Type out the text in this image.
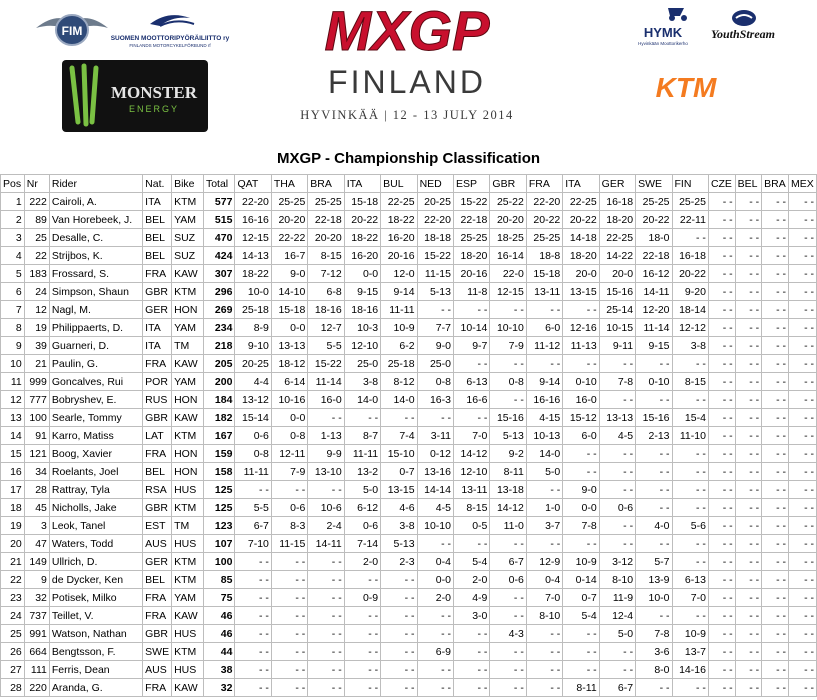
FIM
SUOMEN MOOTTORIPYÖRÄILIITTO ry
FINLANDS MOTORCYKELFÖRBUND rf
MONSTER
ENERGY
MXGP
FINLAND
HYVINKÄÄ | 12 - 13 JULY 2014
HYMK
Hyvinkään Moottorikerho
YouthStream
KTM
MXGP - Championship Classification
Pos	Nr	Rider	Nat.	Bike	Total	QAT	THA	BRA	ITA	BUL	NED	ESP	GBR	FRA	ITA	GER	SWE	FIN	CZE	BEL	BRA	MEX
1	222	Cairoli, A.	ITA	KTM	577	22-20	25-25	25-25	15-18	22-25	20-25	15-22	25-22	22-20	22-25	16-18	25-25	25-25	- -	- -	- -	- -
2	89	Van Horebeek, J.	BEL	YAM	515	16-16	20-20	22-18	20-22	18-22	22-20	22-18	20-20	20-22	20-22	18-20	20-22	22-11	- -	- -	- -	- -
3	25	Desalle, C.	BEL	SUZ	470	12-15	22-22	20-20	18-22	16-20	18-18	25-25	18-25	25-25	14-18	22-25	18-0	- -	- -	- -	- -	- -
4	22	Strijbos, K.	BEL	SUZ	424	14-13	16-7	8-15	16-20	20-16	15-22	18-20	16-14	18-8	18-20	14-22	22-18	16-18	- -	- -	- -	- -
5	183	Frossard, S.	FRA	KAW	307	18-22	9-0	7-12	0-0	12-0	11-15	20-16	22-0	15-18	20-0	20-0	16-12	20-22	- -	- -	- -	- -
6	24	Simpson, Shaun	GBR	KTM	296	10-0	14-10	6-8	9-15	9-14	5-13	11-8	12-15	13-11	13-15	15-16	14-11	9-20	- -	- -	- -	- -
7	12	Nagl, M.	GER	HON	269	25-18	15-18	18-16	18-16	11-11	- -	- -	- -	- -	- -	25-14	12-20	18-14	- -	- -	- -	- -
8	19	Philippaerts, D.	ITA	YAM	234	8-9	0-0	12-7	10-3	10-9	7-7	10-14	10-10	6-0	12-16	10-15	11-14	12-12	- -	- -	- -	- -
9	39	Guarneri, D.	ITA	TM	218	9-10	13-13	5-5	12-10	6-2	9-0	9-7	7-9	11-12	11-13	9-11	9-15	3-8	- -	- -	- -	- -
10	21	Paulin, G.	FRA	KAW	205	20-25	18-12	15-22	25-0	25-18	25-0	- -	- -	- -	- -	- -	- -	- -	- -	- -	- -	- -
11	999	Goncalves, Rui	POR	YAM	200	4-4	6-14	11-14	3-8	8-12	0-8	6-13	0-8	9-14	0-10	7-8	0-10	8-15	- -	- -	- -	- -
12	777	Bobryshev, E.	RUS	HON	184	13-12	10-16	16-0	14-0	14-0	16-3	16-6	- -	16-16	16-0	- -	- -	- -	- -	- -	- -	- -
13	100	Searle, Tommy	GBR	KAW	182	15-14	0-0	- -	- -	- -	- -	- -	15-16	4-15	15-12	13-13	15-16	15-4	- -	- -	- -	- -
14	91	Karro, Matiss	LAT	KTM	167	0-6	0-8	1-13	8-7	7-4	3-11	7-0	5-13	10-13	6-0	4-5	2-13	11-10	- -	- -	- -	- -
15	121	Boog, Xavier	FRA	HON	159	0-8	12-11	9-9	11-11	15-10	0-12	14-12	9-2	14-0	- -	- -	- -	- -	- -	- -	- -	- -
16	34	Roelants, Joel	BEL	HON	158	11-11	7-9	13-10	13-2	0-7	13-16	12-10	8-11	5-0	- -	- -	- -	- -	- -	- -	- -	- -
17	28	Rattray, Tyla	RSA	HUS	125	- -	- -	- -	5-0	13-15	14-14	13-11	13-18	- -	9-0	- -	- -	- -	- -	- -	- -	- -
18	45	Nicholls, Jake	GBR	KTM	125	5-5	0-6	10-6	6-12	4-6	4-5	8-15	14-12	1-0	0-0	0-6	- -	- -	- -	- -	- -	- -
19	3	Leok, Tanel	EST	TM	123	6-7	8-3	2-4	0-6	3-8	10-10	0-5	11-0	3-7	7-8	- -	4-0	5-6	- -	- -	- -	- -
20	47	Waters, Todd	AUS	HUS	107	7-10	11-15	14-11	7-14	5-13	- -	- -	- -	- -	- -	- -	- -	- -	- -	- -	- -	- -
21	149	Ullrich, D.	GER	KTM	100	- -	- -	- -	2-0	2-3	0-4	5-4	6-7	12-9	10-9	3-12	5-7	- -	- -	- -	- -	- -
22	9	de Dycker, Ken	BEL	KTM	85	- -	- -	- -	- -	- -	0-0	2-0	0-6	0-4	0-14	8-10	13-9	6-13	- -	- -	- -	- -
23	32	Potisek, Milko	FRA	YAM	75	- -	- -	- -	0-9	- -	2-0	4-9	- -	7-0	0-7	11-9	10-0	7-0	- -	- -	- -	- -
24	737	Teillet, V.	FRA	KAW	46	- -	- -	- -	- -	- -	- -	3-0	- -	8-10	5-4	12-4	- -	- -	- -	- -	- -	- -
25	991	Watson, Nathan	GBR	HUS	46	- -	- -	- -	- -	- -	- -	- -	4-3	- -	- -	5-0	7-8	10-9	- -	- -	- -	- -
26	664	Bengtsson, F.	SWE	KTM	44	- -	- -	- -	- -	- -	6-9	- -	- -	- -	- -	- -	3-6	13-7	- -	- -	- -	- -
27	111	Ferris, Dean	AUS	HUS	38	- -	- -	- -	- -	- -	- -	- -	- -	- -	- -	- -	8-0	14-16	- -	- -	- -	- -
28	220	Aranda, G.	FRA	KAW	32	- -	- -	- -	- -	- -	- -	- -	- -	- -	8-11	6-7	- -	- -	- -	- -	- -	- -
